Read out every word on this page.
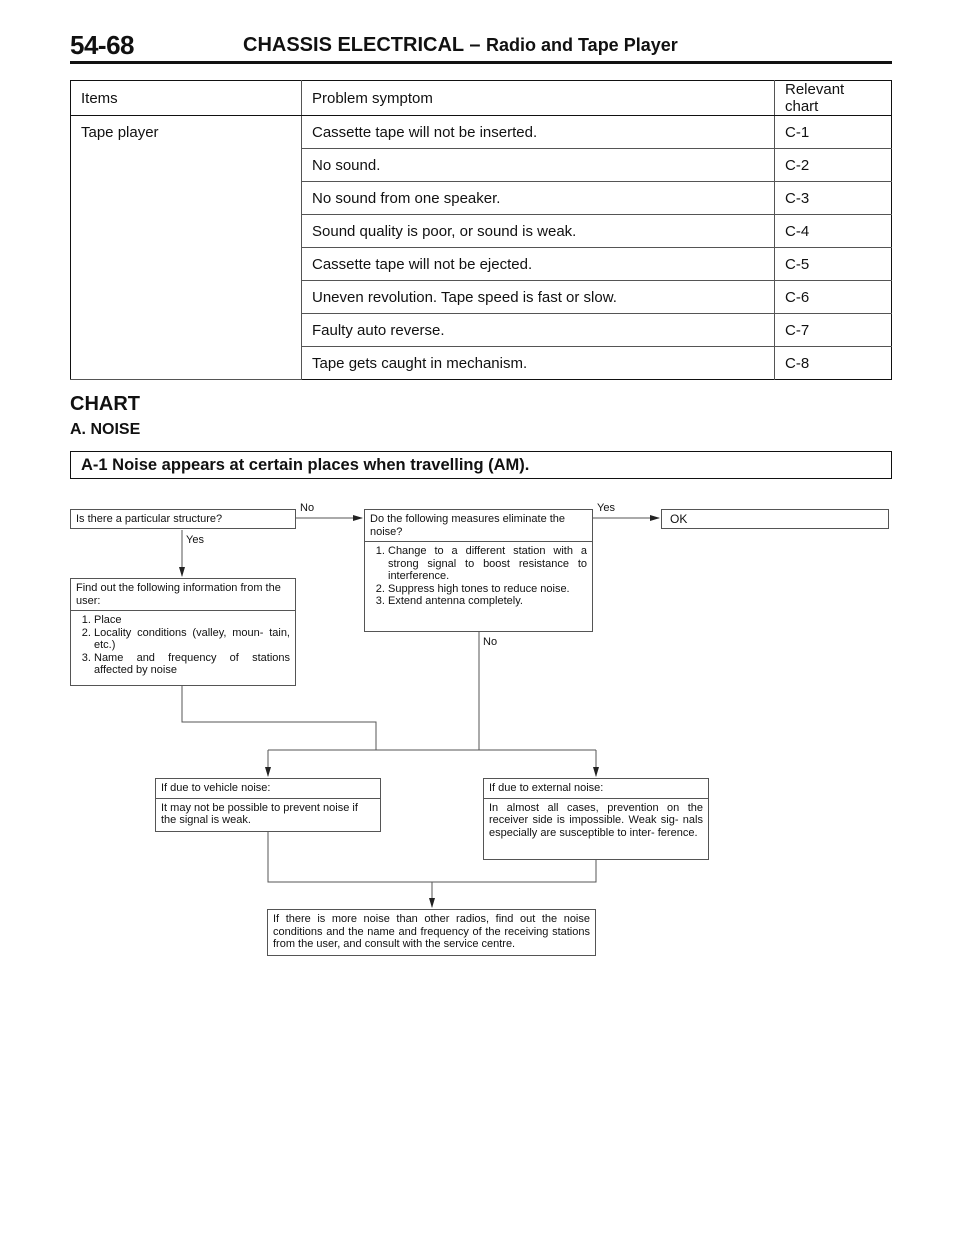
54-68	CHASSIS ELECTRICAL – Radio and Tape Player
Items	Problem symptom	Relevant chart
Tape player	Cassette tape will not be inserted.	C-1
	No sound.	C-2
	No sound from one speaker.	C-3
	Sound quality is poor, or sound is weak.	C-4
	Cassette tape will not be ejected.	C-5
	Uneven revolution. Tape speed is fast or slow.	C-6
	Faulty auto reverse.	C-7
	Tape gets caught in mechanism.	C-8
CHART
A. NOISE
A-1 Noise appears at certain places when travelling (AM).
No
Yes
Yes
No
Is there a particular structure?	Do the following measures eliminate the noise?
1. Change to a different station with a strong signal to boost resistance to interference.
2. Suppress high tones to reduce noise.
3. Extend antenna completely.
OK
Find out the following information from the user:
1. Place
2. Locality conditions (valley, moun- tain, etc.)
3. Name and frequency of stations affected by noise
If due to vehicle noise:
It may not be possible to prevent noise if the signal is weak.
If due to external noise:
In almost all cases, prevention on the receiver side is impossible. Weak sig- nals especially are susceptible to inter- ference.
If there is more noise than other radios, find out the noise conditions and the name and frequency of the receiving stations from the user, and consult with the service centre.
